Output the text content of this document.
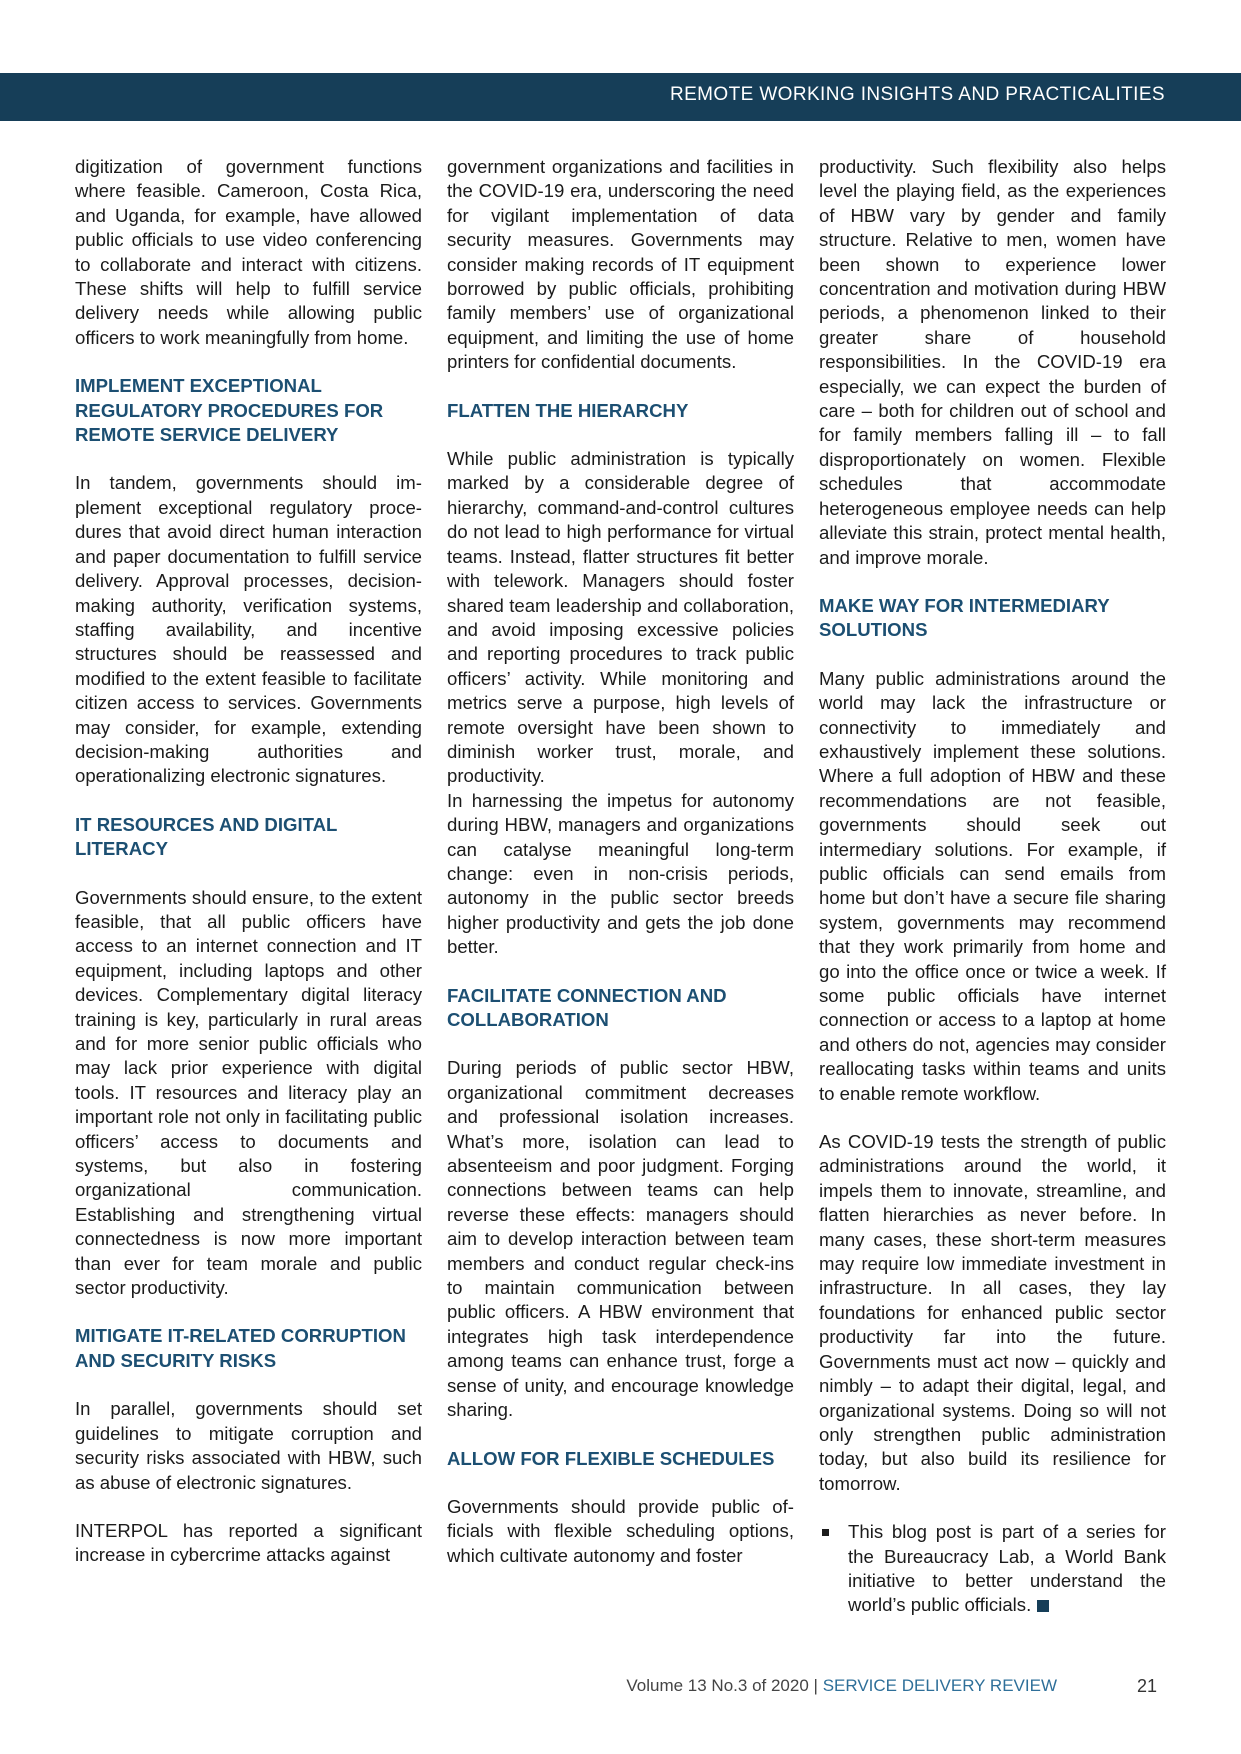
REMOTE WORKING INSIGHTS AND PRACTICALITIES

digitization of government functions where feasible. Cameroon, Costa Rica, and Uganda, for example, have allowed public officials to use video conferencing to collaborate and interact with citizens. These shifts will help to fulfill service delivery needs while allowing public officers to work meaningfully from home.

IMPLEMENT EXCEPTIONAL REGULATORY PROCEDURES FOR REMOTE SERVICE DELIVERY

In tandem, governments should implement exceptional regulatory procedures that avoid direct human interaction and paper documentation to fulfill service delivery. Approval processes, decision-making authority, verification systems, staffing availability, and incentive structures should be reassessed and modified to the extent feasible to facilitate citizen access to services. Governments may consider, for example, extending decision-making authorities and operationalizing electronic signatures.

IT RESOURCES AND DIGITAL LITERACY

Governments should ensure, to the extent feasible, that all public officers have access to an internet connection and IT equipment, including laptops and other devices. Complementary digital literacy training is key, particularly in rural areas and for more senior public officials who may lack prior experience with digital tools. IT resources and literacy play an important role not only in facilitating public officers’ access to documents and systems, but also in fostering organizational communication. Establishing and strengthening virtual connectedness is now more important than ever for team morale and public sector productivity.

MITIGATE IT-RELATED CORRUPTION AND SECURITY RISKS

In parallel, governments should set guidelines to mitigate corruption and security risks associated with HBW, such as abuse of electronic signatures.

INTERPOL has reported a significant increase in cybercrime attacks against

government organizations and facilities in the COVID-19 era, underscoring the need for vigilant implementation of data security measures. Governments may consider making records of IT equipment borrowed by public officials, prohibiting family members’ use of organizational equipment, and limiting the use of home printers for confidential documents.

FLATTEN THE HIERARCHY

While public administration is typically marked by a considerable degree of hierarchy, command-and-control cultures do not lead to high performance for virtual teams. Instead, flatter structures fit better with telework. Managers should foster shared team leadership and collaboration, and avoid imposing excessive policies and reporting procedures to track public officers’ activity. While monitoring and metrics serve a purpose, high levels of remote oversight have been shown to diminish worker trust, morale, and productivity.

In harnessing the impetus for autonomy during HBW, managers and organizations can catalyse meaningful long-term change: even in non-crisis periods, autonomy in the public sector breeds higher productivity and gets the job done better.

FACILITATE CONNECTION AND COLLABORATION

During periods of public sector HBW, organizational commitment decreases and professional isolation increases. What’s more, isolation can lead to absenteeism and poor judgment. Forging connections between teams can help reverse these effects: managers should aim to develop interaction between team members and conduct regular check-ins to maintain communication between public officers. A HBW environment that integrates high task interdependence among teams can enhance trust, forge a sense of unity, and encourage knowledge sharing.

ALLOW FOR FLEXIBLE SCHEDULES

Governments should provide public officials with flexible scheduling options, which cultivate autonomy and foster

productivity. Such flexibility also helps level the playing field, as the experiences of HBW vary by gender and family structure. Relative to men, women have been shown to experience lower concentration and motivation during HBW periods, a phenomenon linked to their greater share of household responsibilities. In the COVID-19 era especially, we can expect the burden of care – both for children out of school and for family members falling ill – to fall disproportionately on women. Flexible schedules that accommodate heterogeneous employee needs can help alleviate this strain, protect mental health, and improve morale.

MAKE WAY FOR INTERMEDIARY SOLUTIONS

Many public administrations around the world may lack the infrastructure or connectivity to immediately and exhaustively implement these solutions. Where a full adoption of HBW and these recommendations are not feasible, governments should seek out intermediary solutions. For example, if public officials can send emails from home but don’t have a secure file sharing system, governments may recommend that they work primarily from home and go into the office once or twice a week. If some public officials have internet connection or access to a laptop at home and others do not, agencies may consider reallocating tasks within teams and units to enable remote workflow.

As COVID-19 tests the strength of public administrations around the world, it impels them to innovate, streamline, and flatten hierarchies as never before. In many cases, these short-term measures may require low immediate investment in infrastructure. In all cases, they lay foundations for enhanced public sector productivity far into the future. Governments must act now – quickly and nimbly – to adapt their digital, legal, and organizational systems. Doing so will not only strengthen public administration today, but also build its resilience for tomorrow.

This blog post is part of a series for the Bureaucracy Lab, a World Bank initiative to better understand the world’s public officials.
Volume 13 No.3 of 2020 | SERVICE DELIVERY REVIEW	21
